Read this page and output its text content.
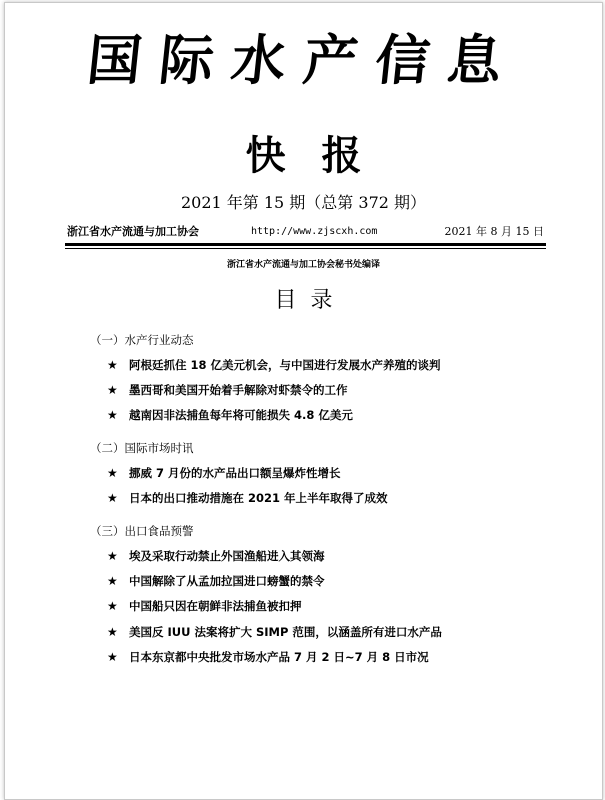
国际水产信息
快报
2021 年第 15 期（总第 372 期）
浙江省水产流通与加工协会	http://www.zjscxh.com	2021 年 8 月 15 日
浙江省水产流通与加工协会秘书处编译
目录
（一）水产行业动态
★ 阿根廷抓住 18 亿美元机会，与中国进行发展水产养殖的谈判
★ 墨西哥和美国开始着手解除对虾禁令的工作
★ 越南因非法捕鱼每年将可能损失 4.8 亿美元
（二）国际市场时讯
★ 挪威 7 月份的水产品出口额呈爆炸性增长
★ 日本的出口推动措施在 2021 年上半年取得了成效
（三）出口食品预警
★ 埃及采取行动禁止外国渔船进入其领海
★ 中国解除了从孟加拉国进口螃蟹的禁令
★ 中国船只因在朝鲜非法捕鱼被扣押
★ 美国反 IUU 法案将扩大 SIMP 范围，以涵盖所有进口水产品
★ 日本东京都中央批发市场水产品 7 月 2 日~7 月 8 日市况
